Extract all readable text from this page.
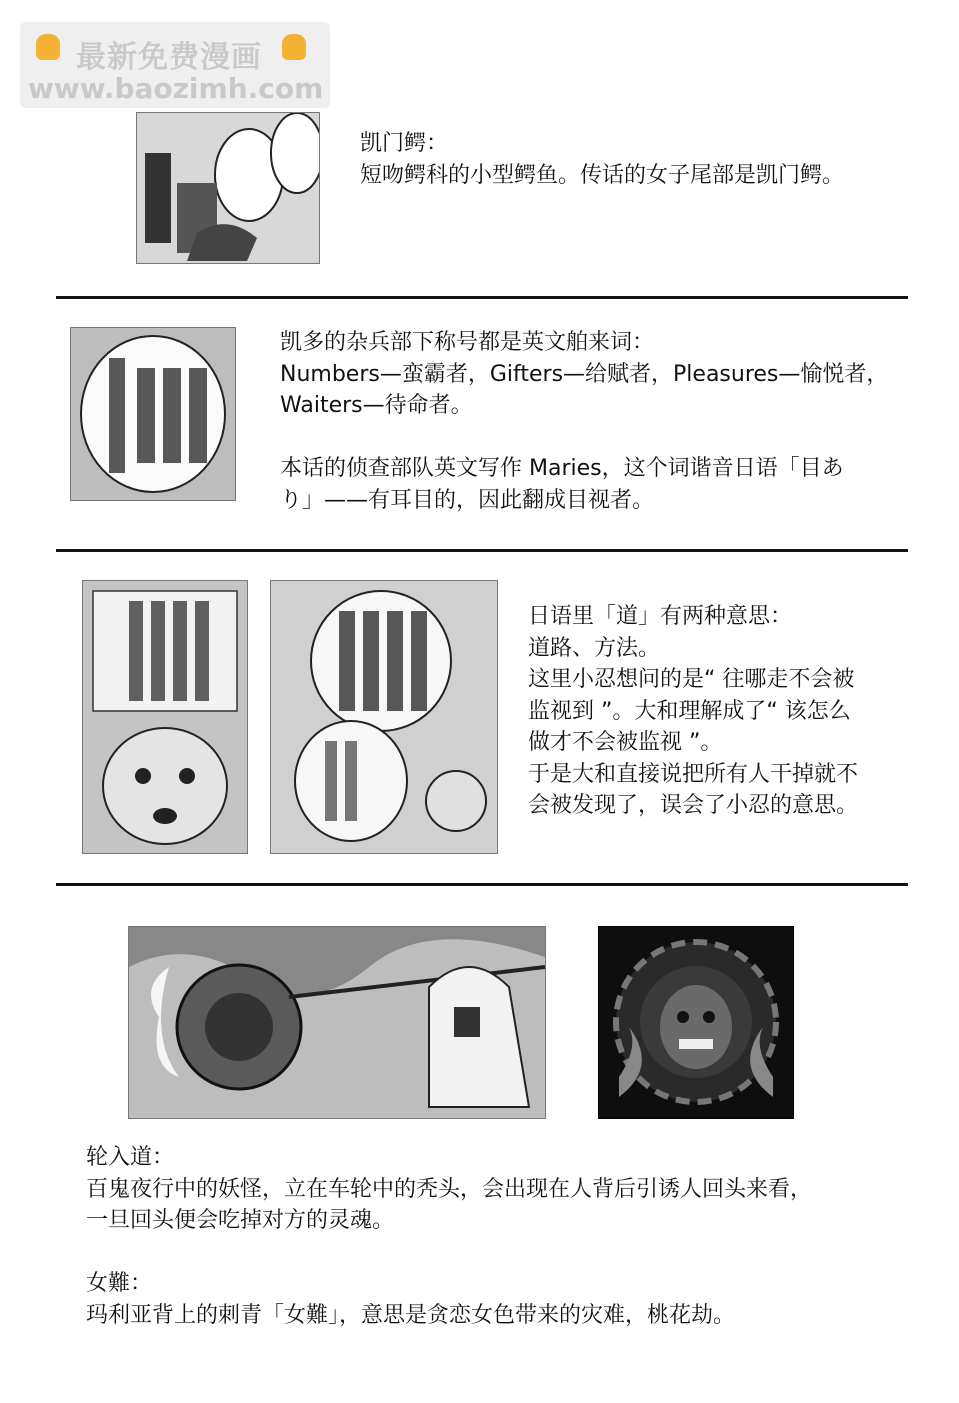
最新免费漫画
www.baozimh.com

凯门鳄：

短吻鳄科的小型鳄鱼。传话的女子尾部是凯门鳄。

凯多的杂兵部下称号都是英文舶来词：

Numbers—蛮霸者，Gifters—给赋者，Pleasures—愉悦者，

Waiters—待命者。

本话的侦查部队英文写作 Maries，这个词谐音日语「目あ

り」——有耳目的，因此翻成目视者。

日语里「道」有两种意思：

道路、方法。

这里小忍想问的是“ 往哪走不会被

监视到 ”。大和理解成了“ 该怎么

做才不会被监视 ”。

于是大和直接说把所有人干掉就不

会被发现了，误会了小忍的意思。

轮入道：

百鬼夜行中的妖怪，立在车轮中的秃头，会出现在人背后引诱人回头来看，

一旦回头便会吃掉对方的灵魂。

女難：

玛利亚背上的刺青「女難」，意思是贪恋女色带来的灾难，桃花劫。
